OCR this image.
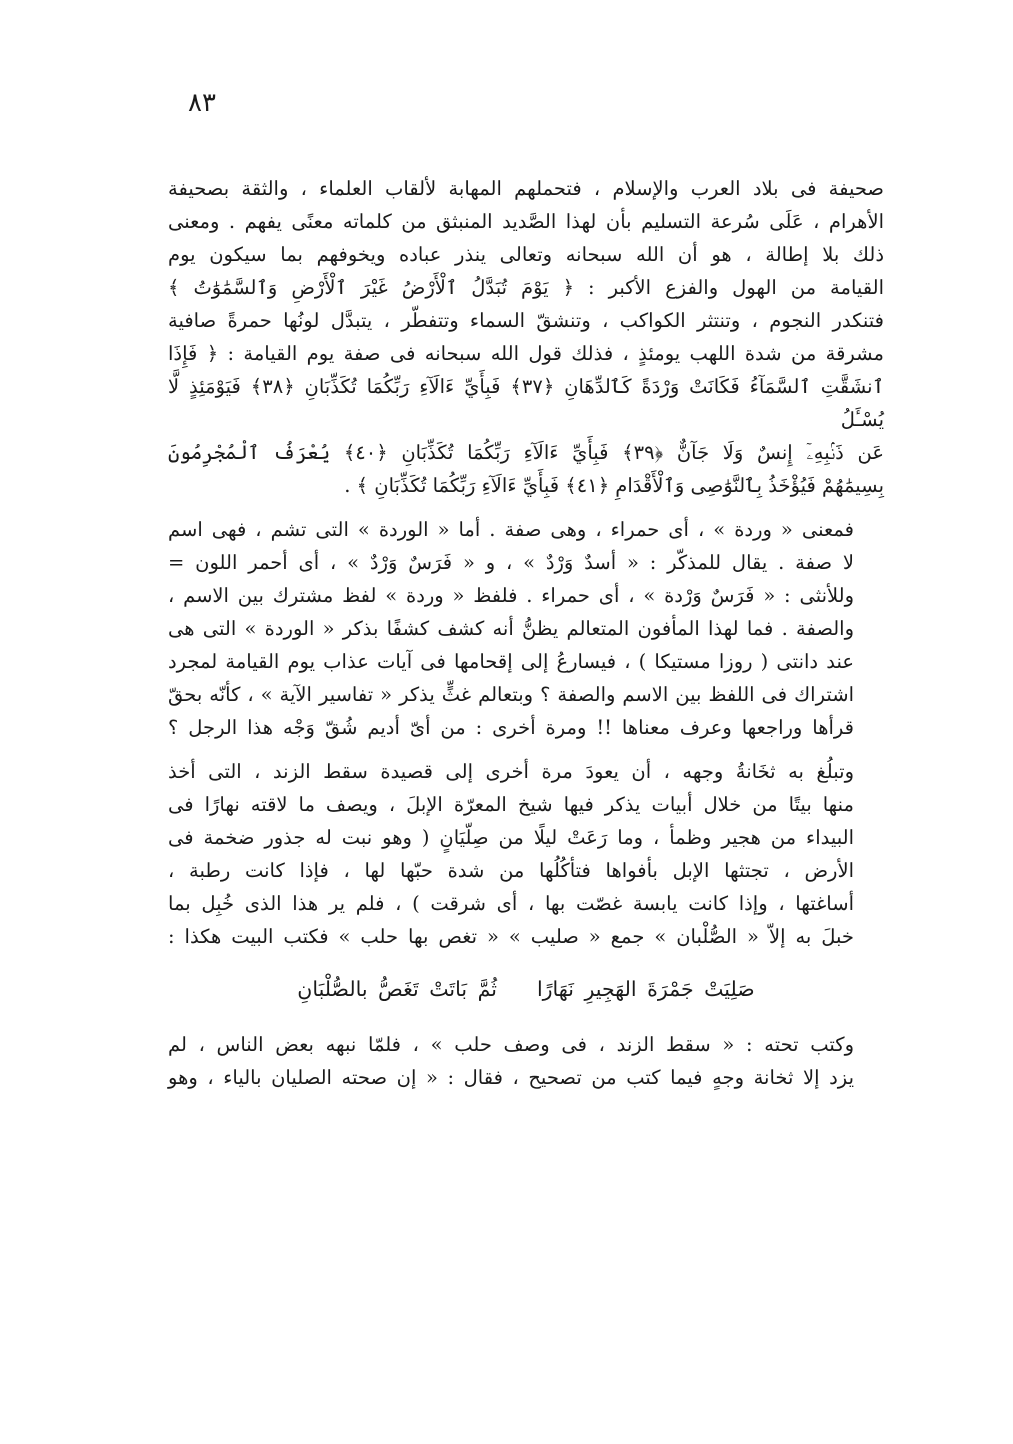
٨٣

صحيفة فى بلاد العرب والإسلام ، فتحملهم المهابة لألقاب العلماء ، والثقة بصحيفة
الأهرام ، عَلَى سُرعة التسليم بأن لهذا الصَّديد المنبثق من كلماته معنًى يفهم . ومعنى
ذلك بلا إطالة ، هو أن الله سبحانه وتعالى ينذر عباده ويخوفهم بما سيكون يوم
القيامة من الهول والفزع الأكبر : ﴿ يَوْمَ تُبَدَّلُ ٱلْأَرْضُ غَيْرَ ٱلْأَرْضِ وَٱلسَّمَٰوَٰتُ ﴾
فتنكدر النجوم ، وتنتثر الكواكب ، وتنشقّ السماء وتتفطّر ، يتبدَّل لونُها حمرةً صافية
مشرقة من شدة اللهب يومئذٍ ، فذلك قول الله سبحانه فى صفة يوم القيامة : ﴿ فَإِذَا
ٱنشَقَّتِ ٱلسَّمَآءُ فَكَانَتْ وَرْدَةً كَٱلدِّهَانِ ﴿٣٧﴾ فَبِأَيِّ ءَالَآءِ رَبِّكُمَا تُكَذِّبَانِ ﴿٣٨﴾ فَيَوْمَئِذٍ لَّا يُسْـَٔلُ
عَن ذَنۢبِهِۦٓ إِنسٌ وَلَا جَآنٌّ ﴿٣٩﴾ فَبِأَيِّ ءَالَآءِ رَبِّكُمَا تُكَذِّبَانِ ﴿٤٠﴾ يُعْرَفُ ٱلْمُجْرِمُونَ
بِسِيمَٰهُمْ فَيُؤْخَذُ بِٱلنَّوَٰصِى وَٱلْأَقْدَامِ ﴿٤١﴾ فَبِأَيِّ ءَالَآءِ رَبِّكُمَا تُكَذِّبَانِ ﴾ .

فمعنى « وردة » ، أى حمراء ، وهى صفة . أما « الوردة » التى تشم ، فهى اسم
لا صفة . يقال للمذكّر : « أسدٌ وَرْدٌ » ، و « فَرَسٌ وَرْدٌ » ، أى أحمر اللون =
وللأنثى : « فَرَسٌ وَرْدة » ، أى حمراء . فلفظ « وردة » لفظ مشترك بين الاسم ،
والصفة . فما لهذا المأفون المتعالم يظنُّ أنه كشف كشفًا بذكر « الوردة » التى هى
عند دانتى ( روزا مستيكا ) ، فيسارعُ إلى إقحامها فى آيات عذاب يوم القيامة لمجرد
اشتراك فى اللفظ بين الاسم والصفة ؟ وبتعالم غثٍّ يذكر « تفاسير الآية » ، كأنّه بحقّ
قرأها وراجعها وعرف معناها !! ومرة أخرى : من أىّ أديم شُقّ وَجْه هذا الرجل ؟

وتبلُغ به ثخَانةُ وجهه ، أن يعودَ مرة أخرى إلى قصيدة سقط الزند ، التى أخذ
منها بيتًا من خلال أبيات يذكر فيها شيخ المعرّة الإبلَ ، ويصف ما لاقته نهارًا فى
البيداء من هجير وظمأ ، وما رَعَتْ ليلًا من صِلّيَانٍ ( وهو نبت له جذور ضخمة فى
الأرض ، تجتثها الإبل بأفواها فتأكُلُها من شدة حبّها لها ، فإذا كانت رطبة ،
أساغتها ، وإذا كانت يابسة غصّت بها ، أى شرقت ) ، فلم ير هذا الذى خُبِل بما
خبلَ به إلاّ « الصُّلْبان » جمع « صليب » « تغص بها حلب » فكتب البيت هكذا :

صَلِيَتْ جَمْرَةَ الهَجِيرِ نَهَارًاثُمَّ بَاتَتْ تَغَصُّ بالصُّلْبَانِ

وكتب تحته : « سقط الزند ، فى وصف حلب » ، فلمّا نبهه بعض الناس ، لم
يزد إلا ثخانة وجهٍ فيما كتب من تصحيح ، فقال : « إن صحته الصليان بالياء ، وهو
